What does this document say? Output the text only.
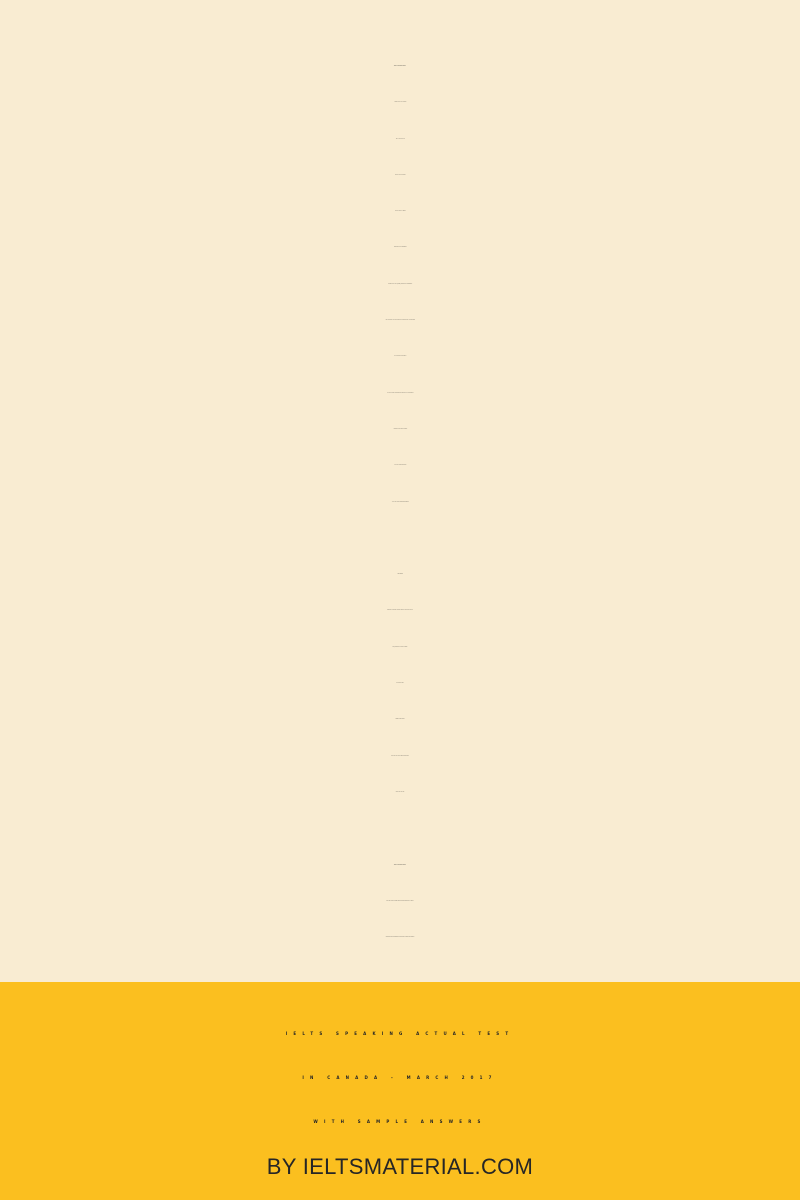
IELTS Speaking Part 1
– What is your full name?
– Can I see your ID?
– Where are you from?
– Do you work or study
– Describe your hometown.
–What do you like (most) about your hometown?
– Do you think you will continue living there for a long time?
- Do you write everyday?
– Do you prefer handwriting or typing on a computer?
– What do you usually write?
– Do you enjoy teaching?
– Have you ever taught somebody?
Cue Card
Describe a foreign country where you would like to
work/visit for a period of time.
You should say:
What is that place
Why do you like to go to that place
When will you go
IELTS Speaking Part 3
Why do people choose going abroad to study or work?
What are the advantages of working or studying abroad?
IELTS SPEAKING ACTUAL TEST
IN CANADA – MARCH 2017
WITH SAMPLE ANSWERS
BY IELTSMATERIAL.COM
